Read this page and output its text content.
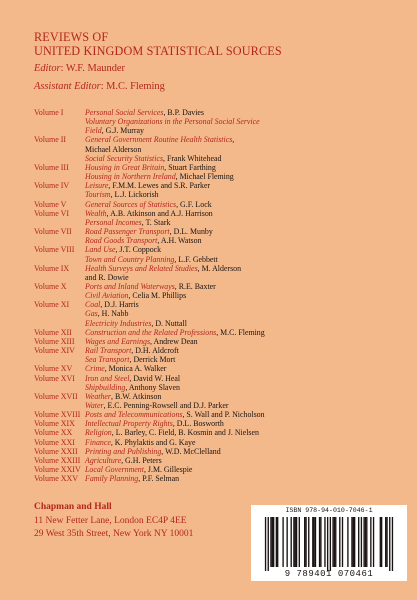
REVIEWS OF
UNITED KINGDOM STATISTICAL SOURCES
Editor: W.F. Maunder
Assistant Editor: M.C. Fleming
Volume I	Personal Social Services, B.P. Davies
Voluntary Organizations in the Personal Social Service
Field, G.J. Murray
Volume II	General Government Routine Health Statistics,
Michael Alderson
Social Security Statistics, Frank Whitehead
Volume III	Housing in Great Britain, Stuart Farthing
Housing in Northern Ireland, Michael Fleming
Volume IV	Leisure, F.M.M. Lewes and S.R. Parker
Tourism, L.J. Lickorish
Volume V	General Sources of Statistics, G.F. Lock
Volume VI	Wealth, A.B. Atkinson and A.J. Harrison
Personal Incomes, T. Stark
Volume VII	Road Passenger Transport, D.L. Munby
Road Goods Transport, A.H. Watson
Volume VIII	Land Use, J.T. Coppock
Town and Country Planning, L.F. Gebbett
Volume IX	Health Surveys and Related Studies, M. Alderson
and R. Dowie
Volume X	Ports and Inland Waterways, R.E. Baxter
Civil Aviation, Celia M. Phillips
Volume XI	Coal, D.J. Harris
Gas, H. Nabb
Electricity Industries, D. Nuttall
Volume XII	Construction and the Related Professions, M.C. Fleming
Volume XIII	Wages and Earnings, Andrew Dean
Volume XIV	Rail Transport, D.H. Aldcroft
Sea Transport, Derrick Mort
Volume XV	Crime, Monica A. Walker
Volume XVI	Iron and Steel, David W. Heal
Shipbuilding, Anthony Slaven
Volume XVII Weather, B.W. Atkinson
Water, E.C. Penning-Rowsell and D.J. Parker
Volume XVIII Posts and Telecommunications, S. Wall and P. Nicholson
Volume XIX	Intellectual Property Rights, D.L. Bosworth
Volume XX	Religion, L. Barley, C. Field, B. Kosmin and J. Nielsen
Volume XXI	Finance, K. Phylaktis and G. Kaye
Volume XXII Printing and Publishing, W.D. McClelland
Volume XXIII Agriculture, G.H. Peters
Volume XXIV Local Government, J.M. Gillespie
Volume XXV Family Planning, P.F. Selman
Chapman and Hall
11 New Fetter Lane, London EC4P 4EE
29 West 35th Street, New York NY 10001
ISBN 978-94-010-7046-1
9 789401 070461
